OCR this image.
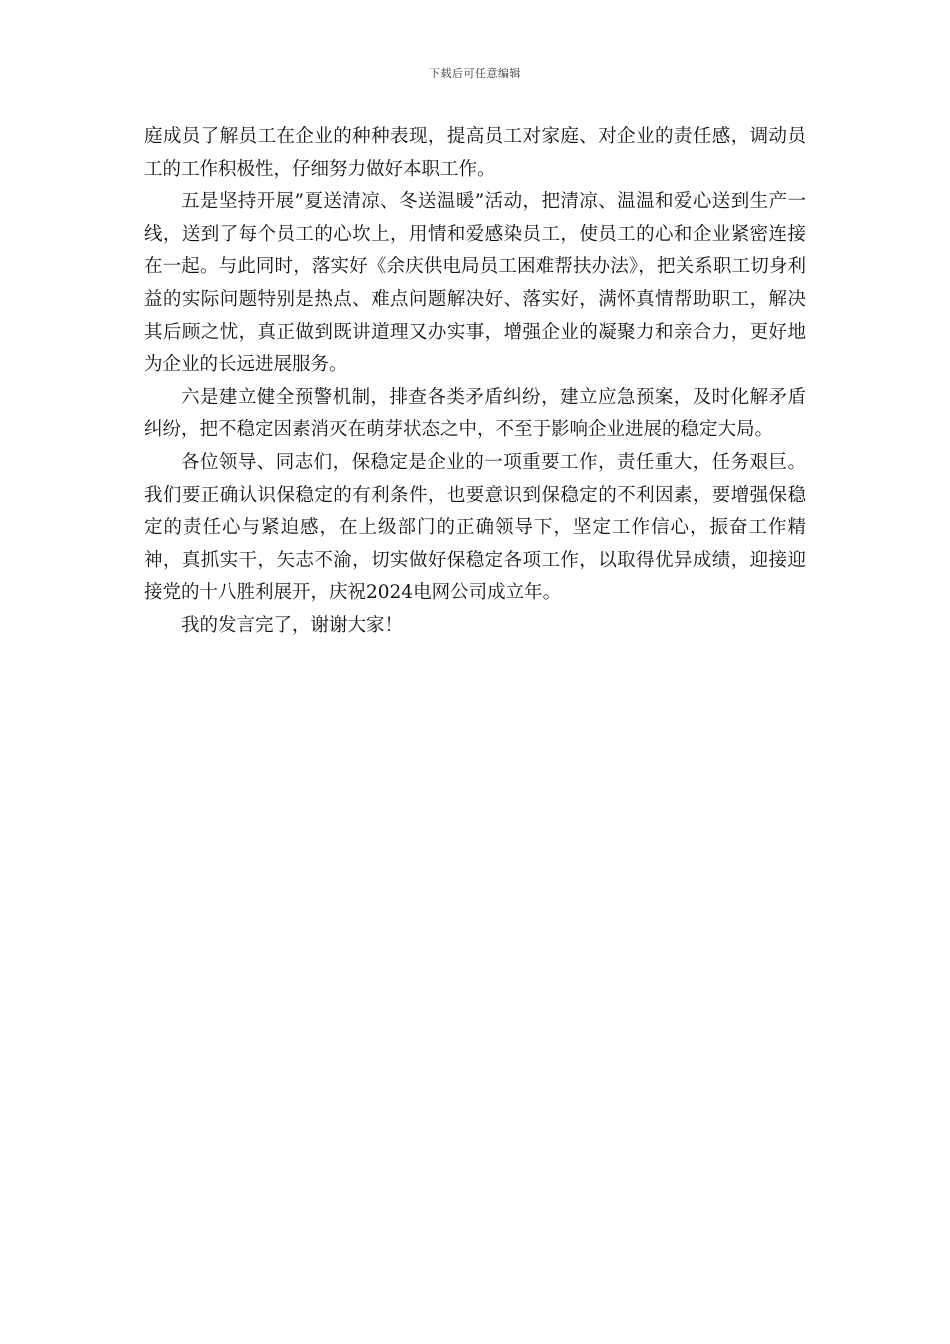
下载后可任意编辑

庭成员了解员工在企业的种种表现，提高员工对家庭、对企业的责任感，调动员工的工作积极性，仔细努力做好本职工作。

五是坚持开展”夏送清凉、冬送温暖”活动，把清凉、温温和爱心送到生产一线，送到了每个员工的心坎上，用情和爱感染员工，使员工的心和企业紧密连接在一起。与此同时，落实好《余庆供电局员工困难帮扶办法》，把关系职工切身利益的实际问题特别是热点、难点问题解决好、落实好，满怀真情帮助职工，解决其后顾之忧，真正做到既讲道理又办实事，增强企业的凝聚力和亲合力，更好地为企业的长远进展服务。

六是建立健全预警机制，排查各类矛盾纠纷，建立应急预案，及时化解矛盾纠纷，把不稳定因素消灭在萌芽状态之中，不至于影响企业进展的稳定大局。

各位领导、同志们，保稳定是企业的一项重要工作，责任重大，任务艰巨。我们要正确认识保稳定的有利条件，也要意识到保稳定的不利因素，要增强保稳定的责任心与紧迫感，在上级部门的正确领导下，坚定工作信心，振奋工作精神，真抓实干，矢志不渝，切实做好保稳定各项工作，以取得优异成绩，迎接迎接党的十八胜利展开，庆祝2024电网公司成立年。

我的发言完了，谢谢大家！
